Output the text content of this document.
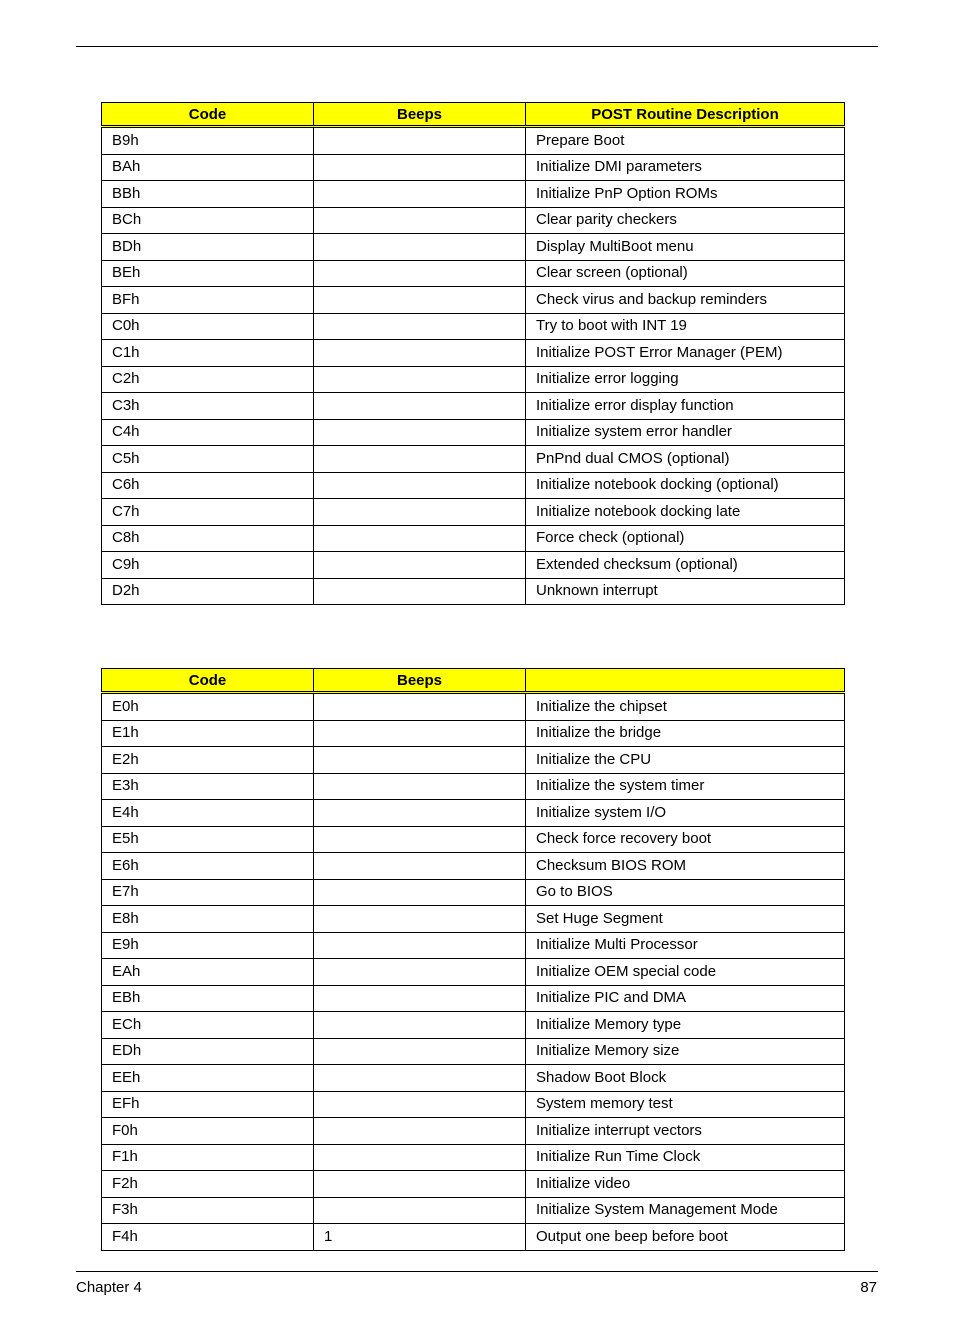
Code	Beeps	POST Routine Description
B9h		Prepare Boot
BAh		Initialize DMI parameters
BBh		Initialize PnP Option ROMs
BCh		Clear parity checkers
BDh		Display MultiBoot menu
BEh		Clear screen (optional)
BFh		Check virus and backup reminders
C0h		Try to boot with INT 19
C1h		Initialize POST Error Manager (PEM)
C2h		Initialize error logging
C3h		Initialize error display function
C4h		Initialize system error handler
C5h		PnPnd dual CMOS (optional)
C6h		Initialize notebook docking (optional)
C7h		Initialize notebook docking late
C8h		Force check (optional)
C9h		Extended checksum (optional)
D2h		Unknown interrupt
Code	Beeps	
E0h		Initialize the chipset
E1h		Initialize the bridge
E2h		Initialize the CPU
E3h		Initialize the system timer
E4h		Initialize system I/O
E5h		Check force recovery boot
E6h		Checksum BIOS ROM
E7h		Go to BIOS
E8h		Set Huge Segment
E9h		Initialize Multi Processor
EAh		Initialize OEM special code
EBh		Initialize PIC and DMA
ECh		Initialize Memory type
EDh		Initialize Memory size
EEh		Shadow Boot Block
EFh		System memory test
F0h		Initialize interrupt vectors
F1h		Initialize Run Time Clock
F2h		Initialize video
F3h		Initialize System Management Mode
F4h	1	Output one beep before boot
Chapter 4	87
